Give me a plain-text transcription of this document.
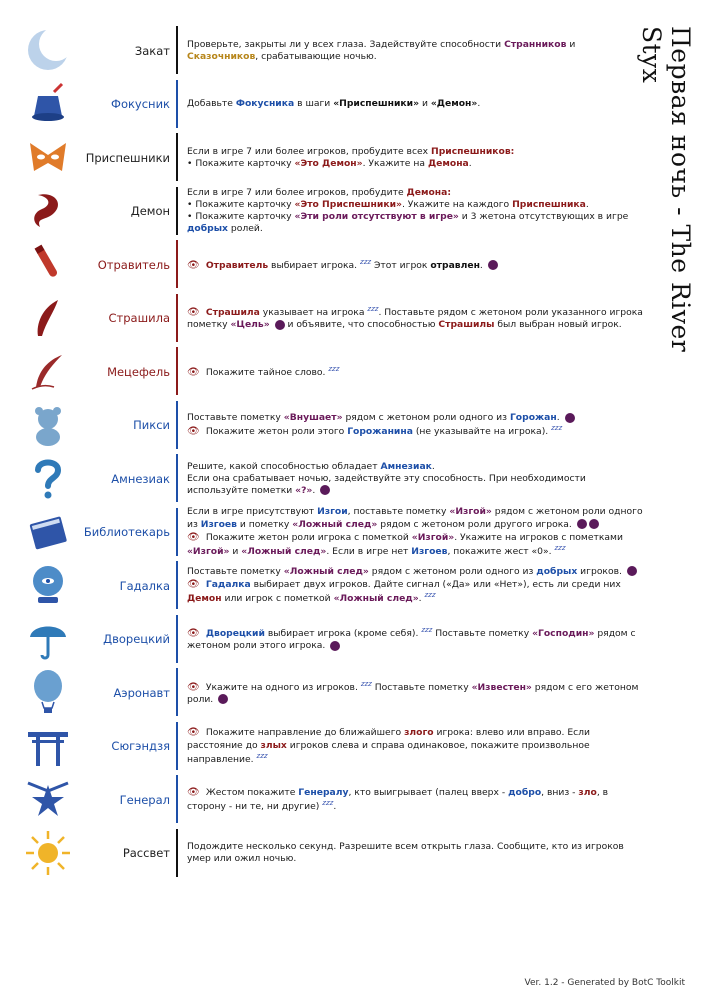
Первая ночь - The River Styx
Закат Проверьте, закрыты ли у всех глаза. Задействуйте способности Странников и Сказочников, срабатывающие ночью.

Фокусник Добавьте Фокусника в шаги «Приспешники» и «Демон».

Приспешники Если в игре 7 или более игроков, пробудите всех Приспешников:

• Покажите карточку «Это Демон». Укажите на Демона.

Демон

Если в игре 7 или более игроков, пробудите Демона:

• Покажите карточку «Это Приспешники». Укажите на каждого Приспешника.

• Покажите карточку «Эти роли отсутствуют в игре» и 3 жетона отсутствующих в игре добрых ролей.

Отравитель 👁 Отравитель выбирает игрока. $^{zzz}$ Этот игрок отравлен.

Страшила 👁 Страшила указывает на игрока $^{zzz}$. Поставьте рядом с жетоном роли указанного игрока пометку «Цель»  и объявите, что способностью Страшилы был выбран новый игрок.

Мецефель 👁 Покажите тайное слово. $^{zzz}$

Пикси

Поставьте пометку «Внушает» рядом с жетоном роли одного из Горожан.

👁 Покажите жетон роли этого Горожанина (не указывайте на игрока). $^{zzz}$

Амнезиак

Решите, какой способностью обладает Амнезиак.

Если она срабатывает ночью, задействуйте эту способность. При необходимости используйте пометки «?».

Библиотекарь

Если в игре присутствуют Изгои, поставьте пометку «Изгой» рядом с жетоном роли одного из Изгоев и пометку «Ложный след» рядом с жетоном роли другого игрока.

👁 Покажите жетон роли игрока с пометкой «Изгой». Укажите на игроков с пометками «Изгой» и «Ложный след». Если в игре нет Изгоев, покажите жест «0». $^{zzz}$

Гадалка

Поставьте пометку «Ложный след» рядом с жетоном роли одного из добрых игроков.

👁 Гадалка выбирает двух игроков. Дайте сигнал («Да» или «Нет»), есть ли среди них Демон или игрок с пометкой «Ложный след». $^{zzz}$

Дворецкий 👁 Дворецкий выбирает игрока (кроме себя). $^{zzz}$ Поставьте пометку «Господин» рядом с жетоном роли этого игрока.

Аэронавт 👁 Укажите на одного из игроков. $^{zzz}$ Поставьте пометку «Известен» рядом с его жетоном роли.

Сюгэндзя

👁 Покажите направление до ближайшего злого игрока: влево или вправо. Если расстояние до злых игроков слева и справа одинаковое, покажите произвольное направление. $^{zzz}$

Генерал

👁 Жестом покажите Генералу, кто выигрывает (палец вверх - добро, вниз - зло, в сторону - ни те, ни другие) $^{zzz}$.

Рассвет Подождите несколько секунд. Разрешите всем открыть глаза. Сообщите, кто из игроков умер или ожил ночью.

Ver. 1.2 - Generated by BotC Toolkit
